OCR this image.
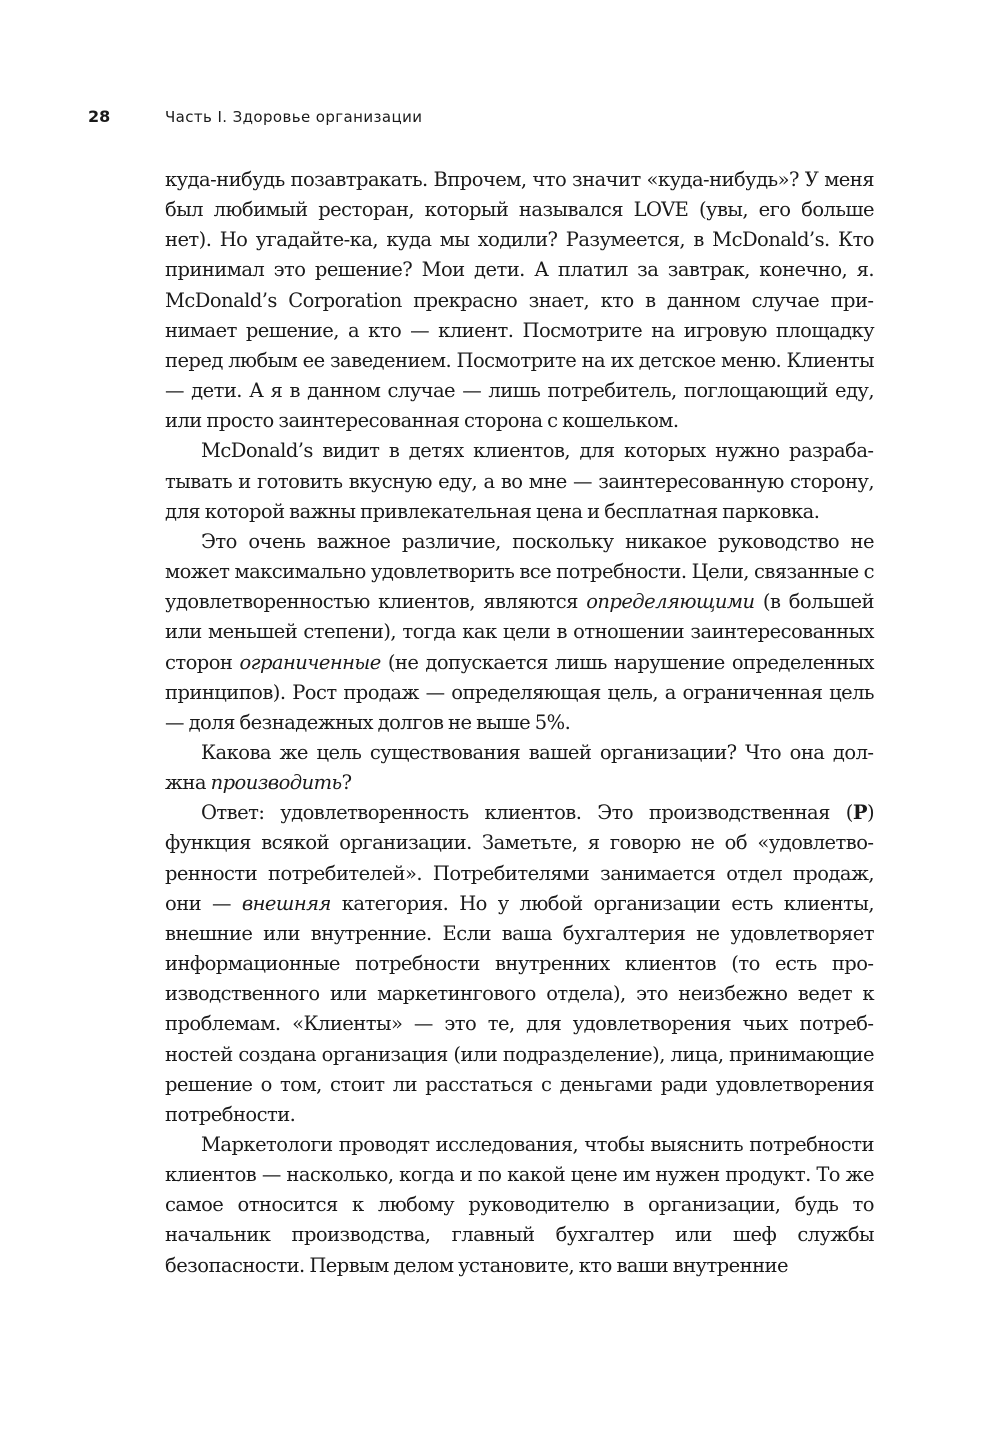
28	Часть I. Здоровье организации

куда-нибудь позавтракать. Впрочем, что значит «куда-нибудь»? У меня был любимый ресторан, который назывался LOVE (увы, его больше нет). Но угадайте-ка, куда мы ходили? Разумеется, в McDonald’s. Кто принимал это решение? Мои дети. А платил за завтрак, конечно, я. McDonald’s Corporation прекрасно знает, кто в данном случае принимает решение, а кто — клиент. Посмотрите на игровую площадку перед любым ее заведением. Посмотрите на их детское меню. Клиенты — дети. А я в данном случае — лишь потребитель, поглощающий еду, или просто заинтересованная сторона с кошельком.

McDonald’s видит в детях клиентов, для которых нужно разрабатывать и готовить вкусную еду, а во мне — заинтересованную сторону, для которой важны привлекательная цена и бесплатная парковка.

Это очень важное различие, поскольку никакое руководство не может максимально удовлетворить все потребности. Цели, связанные с удовлетворенностью клиентов, являются определяющими (в большей или меньшей степени), тогда как цели в отношении заинтересованных сторон ограниченные (не допускается лишь нарушение определенных принципов). Рост продаж — определяющая цель, а ограниченная цель — доля безнадежных долгов не выше 5%.

Какова же цель существования вашей организации? Что она должна производить?

Ответ: удовлетворенность клиентов. Это производственная (P) функция всякой организации. Заметьте, я говорю не об «удовлетворенности потребителей». Потребителями занимается отдел продаж, они — внешняя категория. Но у любой организации есть клиенты, внешние или внутренние. Если ваша бухгалтерия не удовлетворяет информационные потребности внутренних клиентов (то есть производственного или маркетингового отдела), это неизбежно ведет к проблемам. «Клиенты» — это те, для удовлетворения чьих потребностей создана организация (или подразделение), лица, принимающие решение о том, стоит ли расстаться с деньгами ради удовлетворения потребности.

Маркетологи проводят исследования, чтобы выяснить потребности клиентов — насколько, когда и по какой цене им нужен продукт. То же самое относится к любому руководителю в организации, будь то начальник производства, главный бухгалтер или шеф службы безопасности. Первым делом установите, кто ваши внутренние
